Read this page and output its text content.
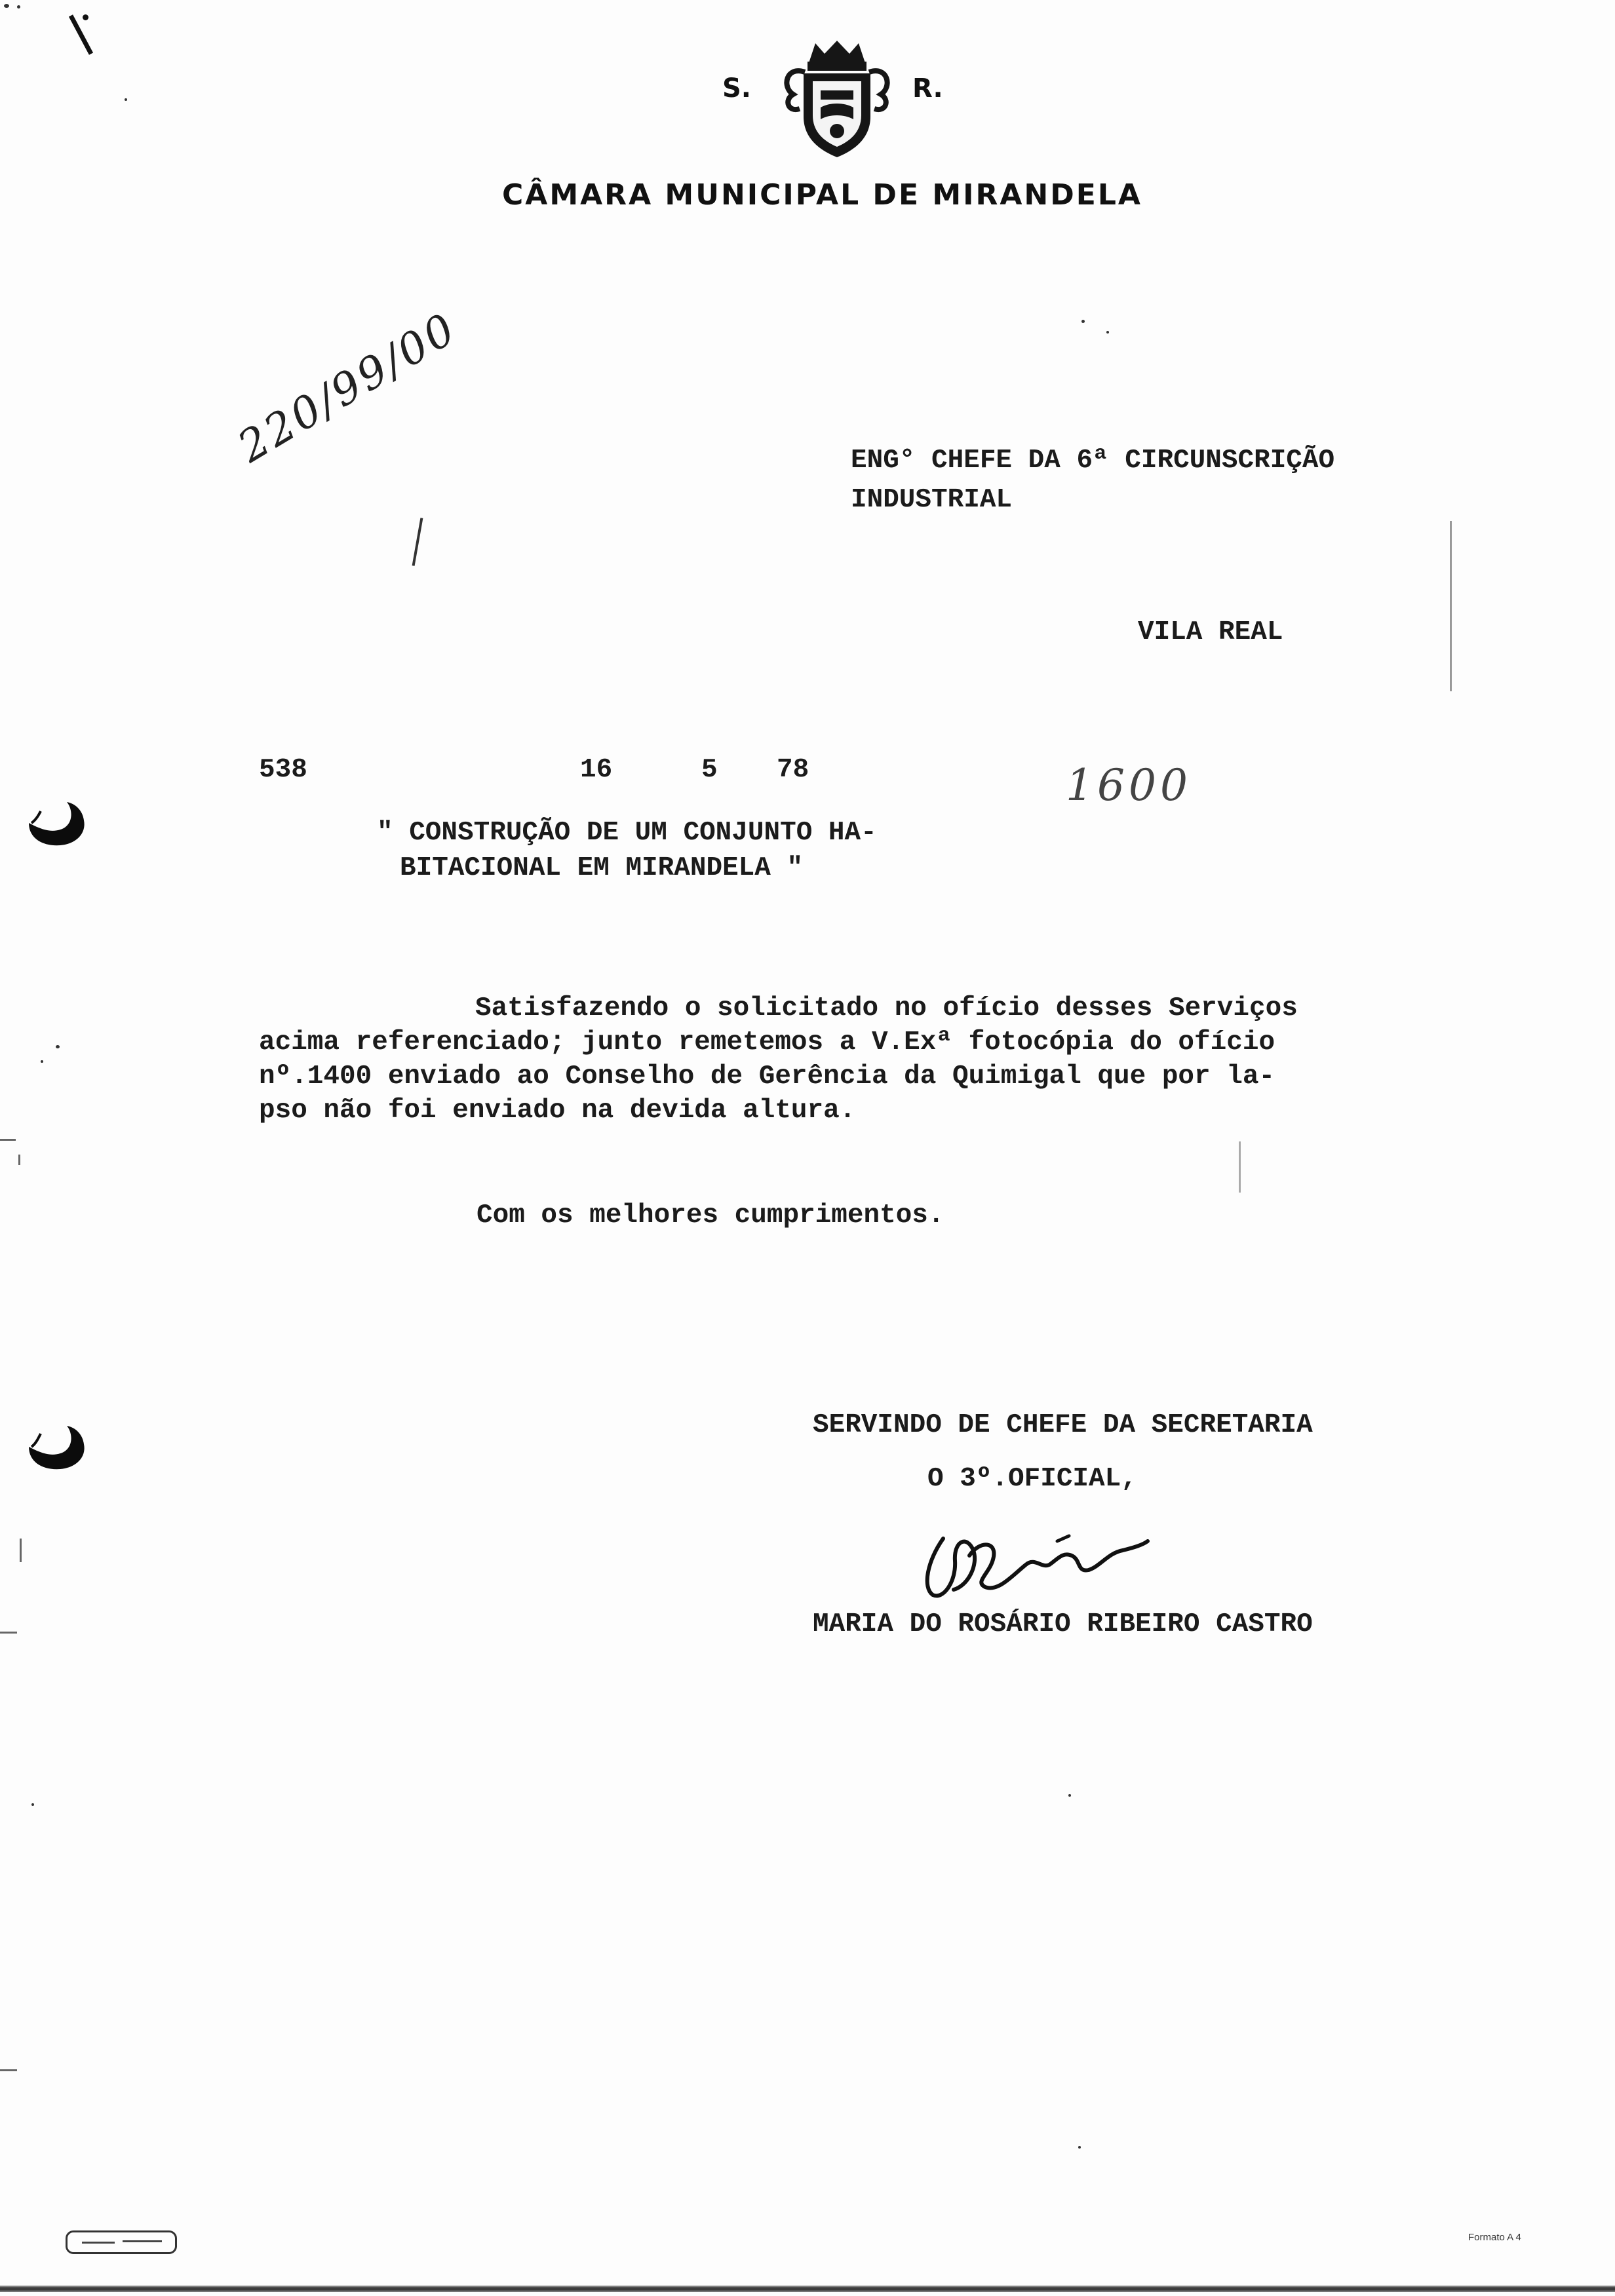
S.	R.
CÂMARA MUNICIPAL DE MIRANDELA
220/99/00	ENG° CHEFE DA 6ª CIRCUNSCRIÇÃO
INDUSTRIAL
VILA REAL
538	16	5 78	1600
" CONSTRUÇÃO DE UM CONJUNTO HA-
BITACIONAL EM MIRANDELA "
Satisfazendo o solicitado no ofício desses Serviços
acima referenciado; junto remetemos a V.Exª fotocópia do ofício
nº.1400 enviado ao Conselho de Gerência da Quimigal que por la-
pso não foi enviado na devida altura.
Com os melhores cumprimentos.
SERVINDO DE CHEFE DA SECRETARIA
O 3º.OFICIAL,
MARIA DO ROSÁRIO RIBEIRO CASTRO
Formato A 4
